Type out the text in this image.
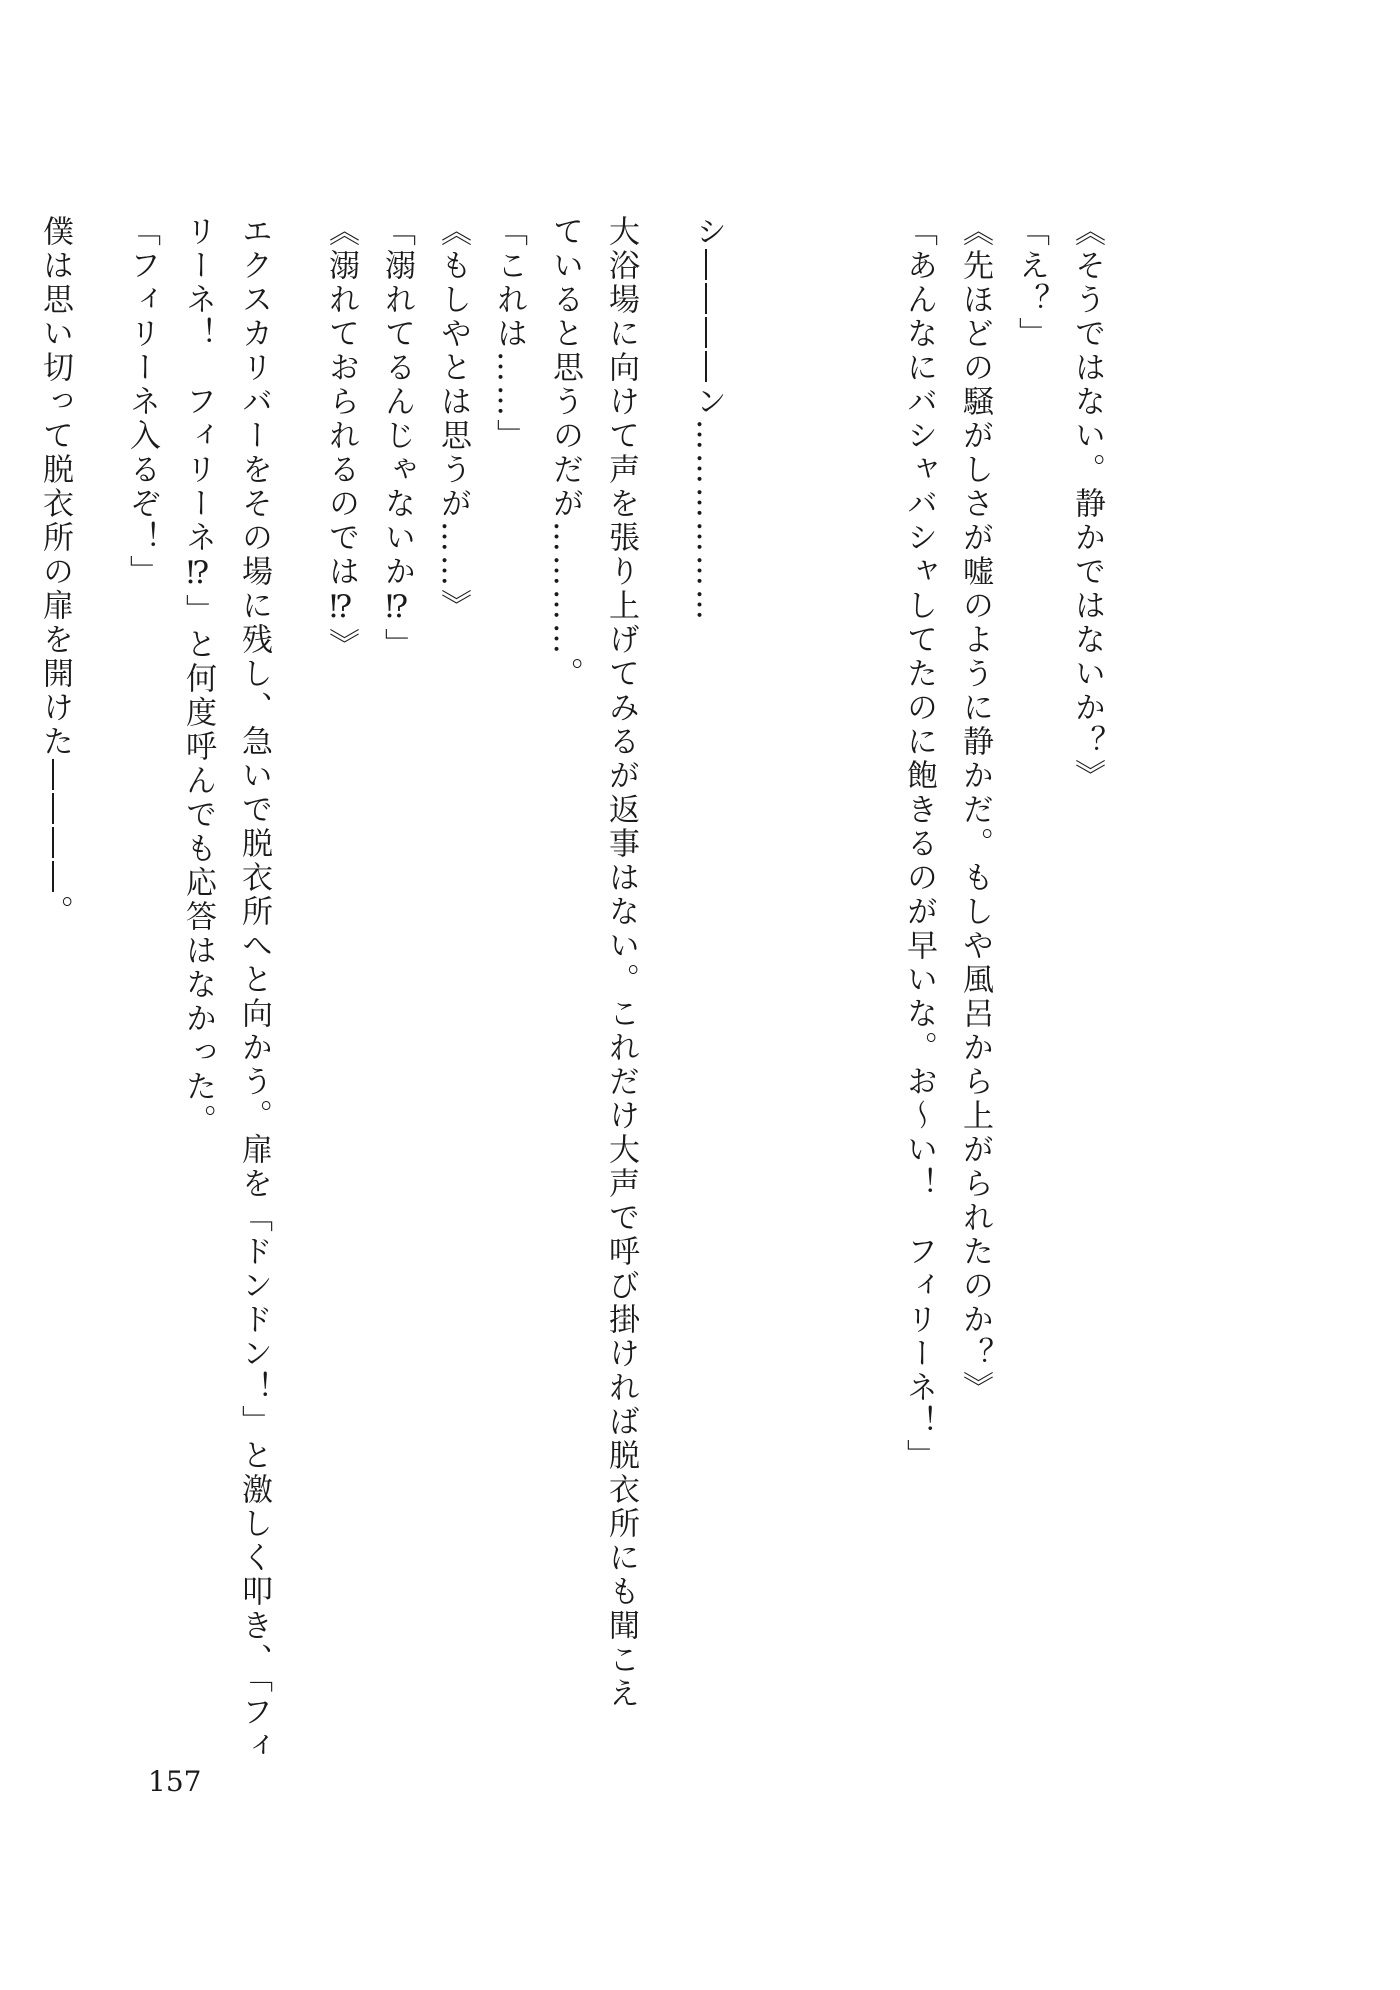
《そうではない。静かではないか？》

「え？」

《先ほどの騒がしさが嘘のように静かだ。もしや風呂から上がられたのか？》

「あんなにバシャバシャしてたのに飽きるのが早いな。お～い！　フィリーネ！」

シ――――ン………………

大浴場に向けて声を張り上げてみるが返事はない。これだけ大声で呼び掛ければ脱衣所にも聞こえ

ていると思うのだが…………。

「これは……」

《もしやとは思うが……》

「溺れてるんじゃないか⁉」

《溺れておられるのでは⁉》

エクスカリバーをその場に残し、急いで脱衣所へと向かう。扉を「ドンドン！」と激しく叩き、「フィ

リーネ！　フィリーネ⁉」と何度呼んでも応答はなかった。

「フィリーネ入るぞ！」

僕は思い切って脱衣所の扉を開けた――――。

157
